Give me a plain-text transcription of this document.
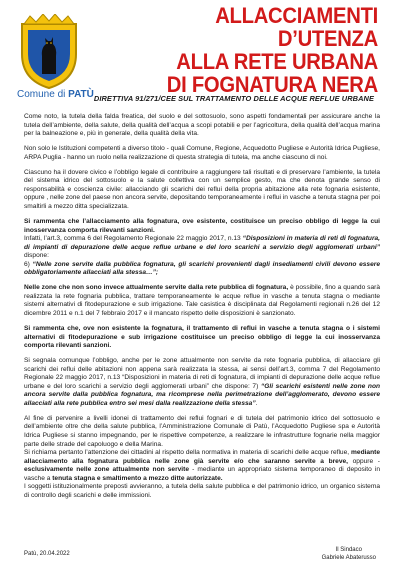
Comune di PATÙ
ALLACCIAMENTI D’UTENZA
ALLA RETE URBANA
DI FOGNATURA NERA
DIRETTIVA 91/271/CEE SUL TRATTAMENTO DELLE ACQUE REFLUE URBANE

Come noto, la tutela della falda freatica, del suolo e del sottosuolo, sono aspetti fondamentali per assicurare anche la tutela dell’ambiente, della salute, della qualità dell’acqua a scopi potabili e per l’agricoltura, della qualità dell’acqua marina per la balneazione e, più in generale, della qualità della vita.

Non solo le Istituzioni competenti a diverso titolo - quali Comune, Regione, Acquedotto Pugliese e Autorità Idrica Pugliese, ARPA Puglia - hanno un ruolo nella realizzazione di questa strategia di tutela, ma anche ciascuno di noi.

Ciascuno ha il dovere civico e l’obbligo legale di contribuire a raggiungere tali risultati e di preservare l’ambiente, la tutela del sistema idrico del sottosuolo e la salute collettiva con un semplice gesto, ma che denota grande senso di responsabilità e coscienza civile: allacciando gli scarichi dei reflui della propria abitazione alla rete fognaria esistente, oppure , nelle zone del paese non ancora servite, depositando temporaneamente i reflui in vasche a tenuta stagna per poi smaltirli a mezzo ditta specializzata.

Si rammenta che l’allacciamento alla fognatura, ove esistente, costituisce un preciso obbligo di legge la cui inosservanza comporta rilevanti sanzioni.
Infatti, l’art.3, comma 6 del Regolamento Regionale 22 maggio 2017, n.13 “Disposizioni in materia di reti di fognatura, di impianti di depurazione delle acque reflue urbane e del loro scarichi a servizio degli agglomerati urbani” dispone:
6) “Nelle zone servite dalla pubblica fognatura, gli scarichi provenienti dagli insediamenti civili devono essere obbligatoriamente allacciati alla stessa…”;

Nelle zone che non sono invece attualmente servite dalla rete pubblica di fognatura, è possibile, fino a quando sarà realizzata la rete fognaria pubblica, trattare temporaneamente le acque reflue in vasche a tenuta stagna o mediante sistemi alternativi di fitodepurazione e sub irrigazione. Tale casistica è disciplinata dal Regolamenti regionali n.26 del 12 dicembre 2011 e n.1 del 7 febbraio 2017 e il mancato rispetto delle disposizioni è sanzionato.

Si rammenta che, ove non esistente la fognatura, il trattamento di reflui in vasche a tenuta stagna o i sistemi alternativi di fitodepurazione e sub irrigazione costituisce un preciso obbligo di legge la cui inosservanza comporta rilevanti sanzioni.

Si segnala comunque l’obbligo, anche per le zone attualmente non servite da rete fognaria pubblica, di allacciare gli scarichi dei reflui delle abitazioni non appena sarà realizzata la stessa, ai sensi dell’art.3, comma 7 del Regolamento Regionale 22 maggio 2017, n.13 “Disposizioni in materia di reti di fognatura, di impianti di depurazione delle acque reflue urbane e del loro scarichi a servizio degli agglomerati urbani” che dispone: 7) “Gli scarichi esistenti nelle zone non ancora servite dalla pubblica fognatura, ma ricomprese nella perimetrazione dell’agglomerato, devono essere allacciati alla rete pubblica entro sei mesi dalla realizzazione della stessa”.

Al fine di pervenire a livelli idonei di trattamento dei reflui fognari e di tutela del patrimonio idrico del sottosuolo e dell’ambiente oltre che della salute pubblica, l’Amministrazione Comunale di Patù, l’Acquedotto Pugliese spa e Autorità Idrica Pugliese si stanno impegnando, per le rispettive competenze, a realizzare le infrastrutture fognarie nella maggior parte delle strade del capoluogo e della Marina.
Si richiama pertanto l’attenzione dei cittadini al rispetto della normativa in materia di scarichi delle acque reflue, mediante allacciamento alla fognatura pubblica nelle zone già servite e/o che saranno servite a breve, oppure - esclusivamente nelle zone attualmente non servite - mediante un appropriato sistema temporaneo di deposito in vasche a tenuta stagna e smaltimento a mezzo ditte autorizzate.
I soggetti istituzionalmente preposti avvieranno, a tutela della salute pubblica e del patrimonio idrico, un organico sistema di controllo degli scarichi e delle immissioni.

Patù, 20.04.2022
Il Sindaco
Gabriele Abaterusso
